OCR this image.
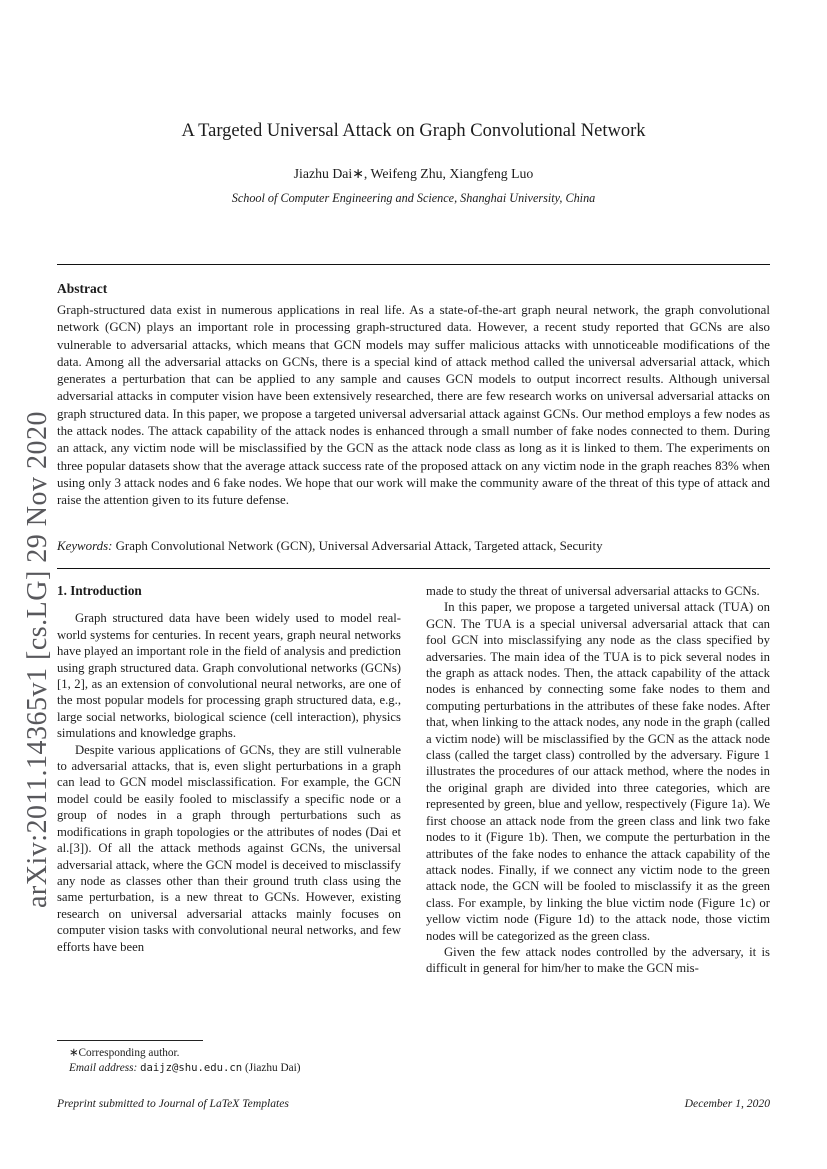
arXiv:2011.14365v1 [cs.LG] 29 Nov 2020
A Targeted Universal Attack on Graph Convolutional Network
Jiazhu Dai∗, Weifeng Zhu, Xiangfeng Luo
School of Computer Engineering and Science, Shanghai University, China
Abstract
Graph-structured data exist in numerous applications in real life. As a state-of-the-art graph neural network, the graph convolutional network (GCN) plays an important role in processing graph-structured data. However, a recent study reported that GCNs are also vulnerable to adversarial attacks, which means that GCN models may suffer malicious attacks with unnoticeable modifications of the data. Among all the adversarial attacks on GCNs, there is a special kind of attack method called the universal adversarial attack, which generates a perturbation that can be applied to any sample and causes GCN models to output incorrect results. Although universal adversarial attacks in computer vision have been extensively researched, there are few research works on universal adversarial attacks on graph structured data. In this paper, we propose a targeted universal adversarial attack against GCNs. Our method employs a few nodes as the attack nodes. The attack capability of the attack nodes is enhanced through a small number of fake nodes connected to them. During an attack, any victim node will be misclassified by the GCN as the attack node class as long as it is linked to them. The experiments on three popular datasets show that the average attack success rate of the proposed attack on any victim node in the graph reaches 83% when using only 3 attack nodes and 6 fake nodes. We hope that our work will make the community aware of the threat of this type of attack and raise the attention given to its future defense.
Keywords: Graph Convolutional Network (GCN), Universal Adversarial Attack, Targeted attack, Security
1. Introduction

Graph structured data have been widely used to model real-world systems for centuries. In recent years, graph neural networks have played an important role in the field of analysis and prediction using graph structured data. Graph convolutional networks (GCNs)[1, 2], as an extension of convolutional neural networks, are one of the most popular models for processing graph structured data, e.g., large social networks, biological science (cell interaction), physics simulations and knowledge graphs.

Despite various applications of GCNs, they are still vulnerable to adversarial attacks, that is, even slight perturbations in a graph can lead to GCN model misclassification. For example, the GCN model could be easily fooled to misclassify a specific node or a group of nodes in a graph through perturbations such as modifications in graph topologies or the attributes of nodes (Dai et al.[3]). Of all the attack methods against GCNs, the universal adversarial attack, where the GCN model is deceived to misclassify any node as classes other than their ground truth class using the same perturbation, is a new threat to GCNs. However, existing research on universal adversarial attacks mainly focuses on computer vision tasks with convolutional neural networks, and few efforts have been

made to study the threat of universal adversarial attacks to GCNs.

In this paper, we propose a targeted universal attack (TUA) on GCN. The TUA is a special universal adversarial attack that can fool GCN into misclassifying any node as the class specified by adversaries. The main idea of the TUA is to pick several nodes in the graph as attack nodes. Then, the attack capability of the attack nodes is enhanced by connecting some fake nodes to them and computing perturbations in the attributes of these fake nodes. After that, when linking to the attack nodes, any node in the graph (called a victim node) will be misclassified by the GCN as the attack node class (called the target class) controlled by the adversary. Figure 1 illustrates the procedures of our attack method, where the nodes in the original graph are divided into three categories, which are represented by green, blue and yellow, respectively (Figure 1a). We first choose an attack node from the green class and link two fake nodes to it (Figure 1b). Then, we compute the perturbation in the attributes of the fake nodes to enhance the attack capability of the attack nodes. Finally, if we connect any victim node to the green attack node, the GCN will be fooled to misclassify it as the green class. For example, by linking the blue victim node (Figure 1c) or yellow victim node (Figure 1d) to the attack node, those victim nodes will be categorized as the green class.

Given the few attack nodes controlled by the adversary, it is difficult in general for him/her to make the GCN mis-

∗Corresponding author.
Email address: daijz@shu.edu.cn (Jiazhu Dai)
Preprint submitted to Journal of LaTeX Templates	December 1, 2020
